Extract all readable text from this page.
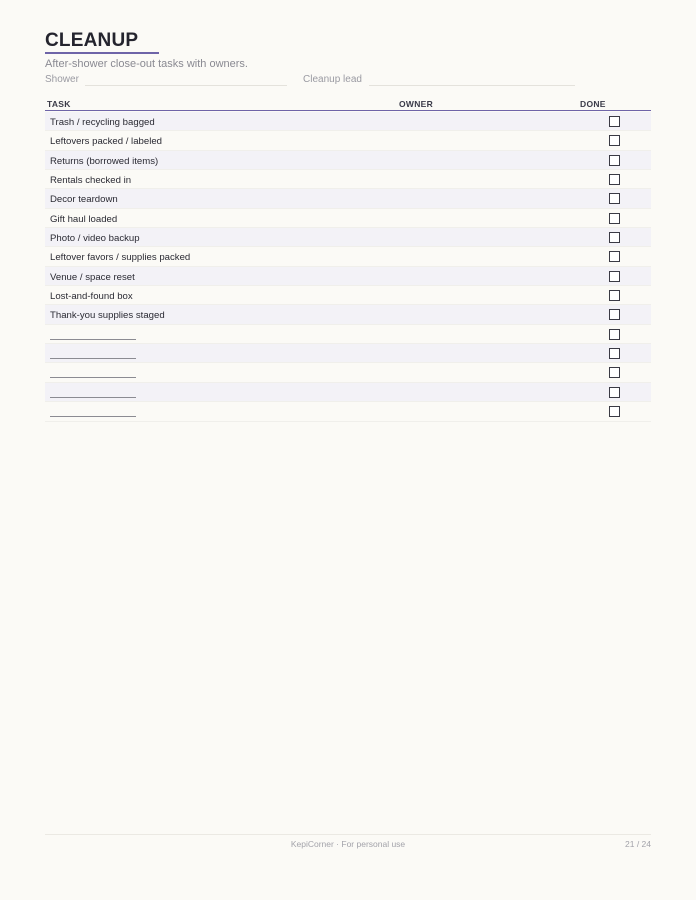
CLEANUP
After-shower close-out tasks with owners.
Shower	Cleanup lead
TASK	OWNER	DONE
Trash / recycling bagged
Leftovers packed / labeled
Returns (borrowed items)
Rentals checked in
Decor teardown
Gift haul loaded
Photo / video backup
Leftover favors / supplies packed
Venue / space reset
Lost-and-found box
Thank-you supplies staged
KepiCorner · For personal use	21 / 24
